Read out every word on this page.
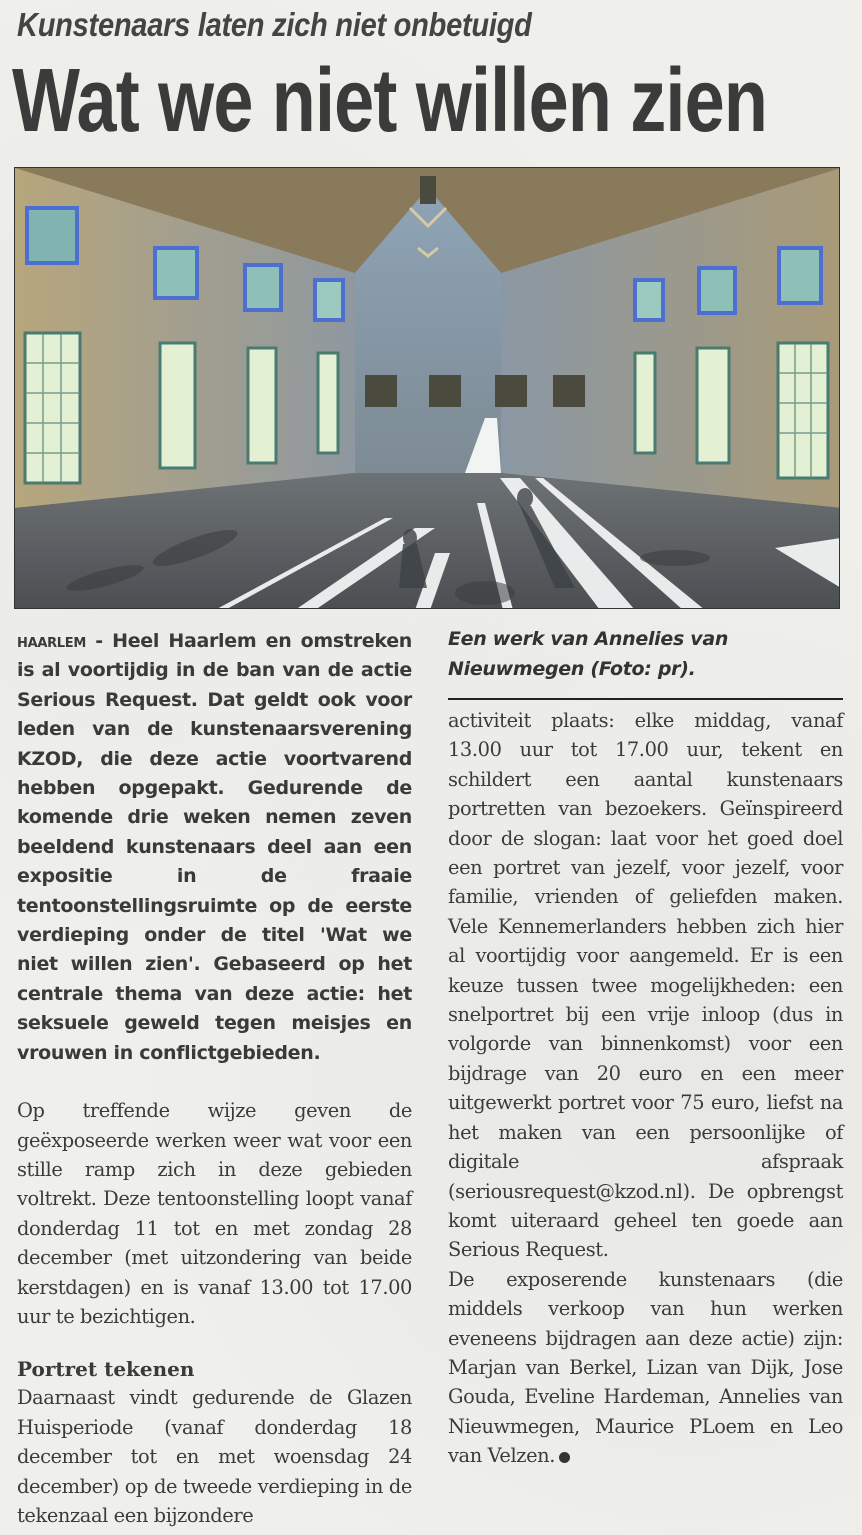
Kunstenaars laten zich niet onbetuigd
Wat we niet willen zien

haarlem - Heel Haarlem en omstreken is al voortijdig in de ban van de actie Serious Request. Dat geldt ook voor leden van de kunstenaarsverening KZOD, die deze actie voortvarend hebben opgepakt. Gedurende de komende drie weken nemen zeven beeldend kunstenaars deel aan een expositie in de fraaie tentoonstellingsruimte op de eerste verdieping onder de titel 'Wat we niet willen zien'. Gebaseerd op het centrale thema van deze actie: het seksuele geweld tegen meisjes en vrouwen in conflictgebieden.

Op treffende wijze geven de geëxposeerde werken weer wat voor een stille ramp zich in deze gebieden voltrekt. Deze tentoonstelling loopt vanaf donderdag 11 tot en met zondag 28 december (met uitzondering van beide kerstdagen) en is vanaf 13.00 tot 17.00 uur te bezichtigen.

Portret tekenen

Daarnaast vindt gedurende de Glazen Huisperiode (vanaf donderdag 18 december tot en met woensdag 24 december) op de tweede verdieping in de tekenzaal een bijzondere

Een werk van Annelies van Nieuwmegen (Foto: pr).

activiteit plaats: elke middag, vanaf 13.00 uur tot 17.00 uur, tekent en schildert een aantal kunstenaars portretten van bezoekers. Geïnspireerd door de slogan: laat voor het goed doel een portret van jezelf, voor jezelf, voor familie, vrienden of geliefden maken. Vele Kennemerlanders hebben zich hier al voortijdig voor aangemeld. Er is een keuze tussen twee mogelijkheden: een snelportret bij een vrije inloop (dus in volgorde van binnenkomst) voor een bijdrage van 20 euro en een meer uitgewerkt portret voor 75 euro, liefst na het maken van een persoonlijke of digitale afspraak (seriousrequest@kzod.nl). De opbrengst komt uiteraard geheel ten goede aan Serious Request.

De exposerende kunstenaars (die middels verkoop van hun werken eveneens bijdragen aan deze actie) zijn: Marjan van Berkel, Lizan van Dijk, Jose Gouda, Eveline Hardeman, Annelies van Nieuwmegen, Maurice PLoem en Leo van Velzen.
